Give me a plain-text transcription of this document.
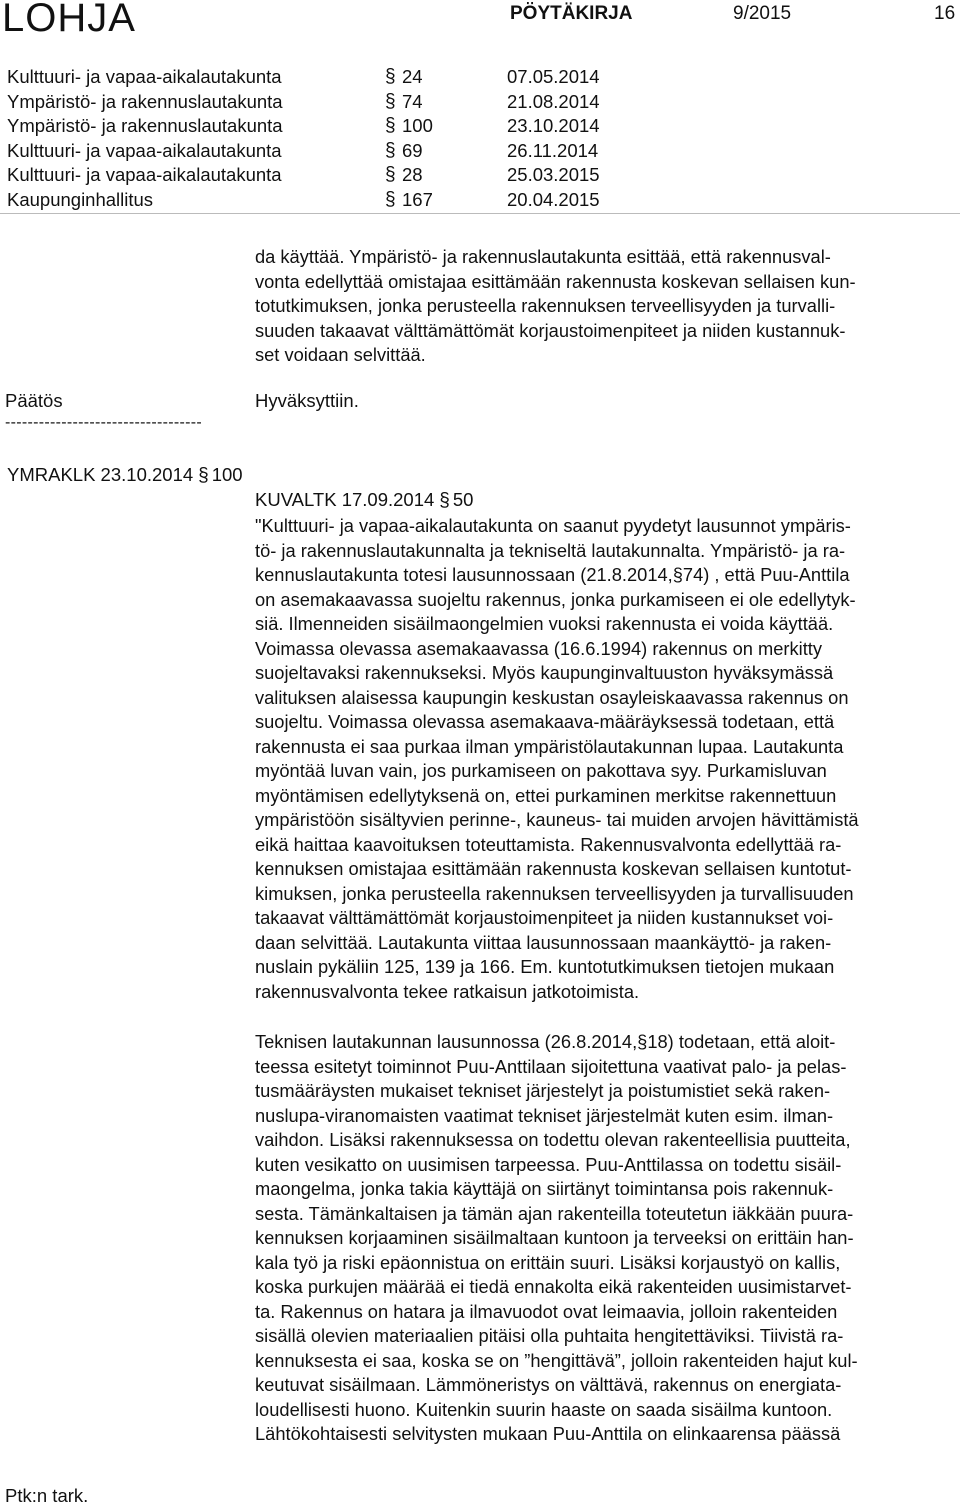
LOHJA	PÖYTÄKIRJA	9/2015	16
Kulttuuri- ja vapaa-aikalautakunta	§ 24	07.05.2014
Ympäristö- ja rakennuslautakunta	§ 74	21.08.2014
Ympäristö- ja rakennuslautakunta	§ 100	23.10.2014
Kulttuuri- ja vapaa-aikalautakunta	§ 69	26.11.2014
Kulttuuri- ja vapaa-aikalautakunta	§ 28	25.03.2015
Kaupunginhallitus	§ 167	20.04.2015
da käyttää. Ympäristö- ja rakennuslautakunta esittää, että rakennusval-
vonta edellyttää omistajaa esittämään rakennusta koskevan sellaisen kun-
totutkimuksen, jonka perusteella rakennuksen terveellisyyden ja turvalli-
suuden takaavat välttämättömät korjaustoimenpiteet ja niiden kustannuk-
set voidaan selvittää.
Päätös	Hyväksyttiin.
-----------------------------------
YMRAKLK 23.10.2014 § 100
KUVALTK 17.09.2014 § 50
"Kulttuuri- ja vapaa-aikalautakunta on saanut pyydetyt lausunnot ympäris-
tö- ja rakennuslautakunnalta ja tekniseltä lautakunnalta. Ympäristö- ja ra-
kennuslautakunta totesi lausunnossaan (21.8.2014,§74) , että Puu-Anttila
on asemakaavassa suojeltu rakennus, jonka purkamiseen ei ole edellytyk-
siä. Ilmenneiden sisäilmaongelmien vuoksi rakennusta ei voida käyttää.
Voimassa olevassa asemakaavassa (16.6.1994) rakennus on merkitty
suojeltavaksi rakennukseksi. Myös kaupunginvaltuuston hyväksymässä
valituksen alaisessa kaupungin keskustan osayleiskaavassa rakennus on
suojeltu. Voimassa olevassa asemakaava-määräyksessä todetaan, että
rakennusta ei saa purkaa ilman ympäristölautakunnan lupaa. Lautakunta
myöntää luvan vain, jos purkamiseen on pakottava syy. Purkamisluvan
myöntämisen edellytyksenä on, ettei purkaminen merkitse rakennettuun
ympäristöön sisältyvien perinne-, kauneus- tai muiden arvojen hävittämistä
eikä haittaa kaavoituksen toteuttamista. Rakennusvalvonta edellyttää ra-
kennuksen omistajaa esittämään rakennusta koskevan sellaisen kuntotut-
kimuksen, jonka perusteella rakennuksen terveellisyyden ja turvallisuuden
takaavat välttämättömät korjaustoimenpiteet ja niiden kustannukset voi-
daan selvittää. Lautakunta viittaa lausunnossaan maankäyttö- ja raken-
nuslain pykäliin 125, 139 ja 166. Em. kuntotutkimuksen tietojen mukaan
rakennusvalvonta tekee ratkaisun jatkotoimista.
Teknisen lautakunnan lausunnossa (26.8.2014,§18) todetaan, että aloit-
teessa esitetyt toiminnot Puu-Anttilaan sijoitettuna vaativat palo- ja pelas-
tusmääräysten mukaiset tekniset järjestelyt ja poistumistiet sekä raken-
nuslupa-viranomaisten vaatimat tekniset järjestelmät kuten esim. ilman-
vaihdon. Lisäksi rakennuksessa on todettu olevan rakenteellisia puutteita,
kuten vesikatto on uusimisen tarpeessa. Puu-Anttilassa on todettu sisäil-
maongelma, jonka takia käyttäjä on siirtänyt toimintansa pois rakennuk-
sesta. Tämänkaltaisen ja tämän ajan rakenteilla toteutetun iäkkään puura-
kennuksen korjaaminen sisäilmaltaan kuntoon ja terveeksi on erittäin han-
kala työ ja riski epäonnistua on erittäin suuri. Lisäksi korjaustyö on kallis,
koska purkujen määrää ei tiedä ennakolta eikä rakenteiden uusimistarvet-
ta. Rakennus on hatara ja ilmavuodot ovat leimaavia, jolloin rakenteiden
sisällä olevien materiaalien pitäisi olla puhtaita hengitettäviksi. Tiivistä ra-
kennuksesta ei saa, koska se on ”hengittävä”, jolloin rakenteiden hajut kul-
keutuvat sisäilmaan. Lämmöneristys on välttävä, rakennus on energiata-
loudellisesti huono. Kuitenkin suurin haaste on saada sisäilma kuntoon.
Lähtökohtaisesti selvitysten mukaan Puu-Anttila on elinkaarensa päässä
Ptk:n tark.
